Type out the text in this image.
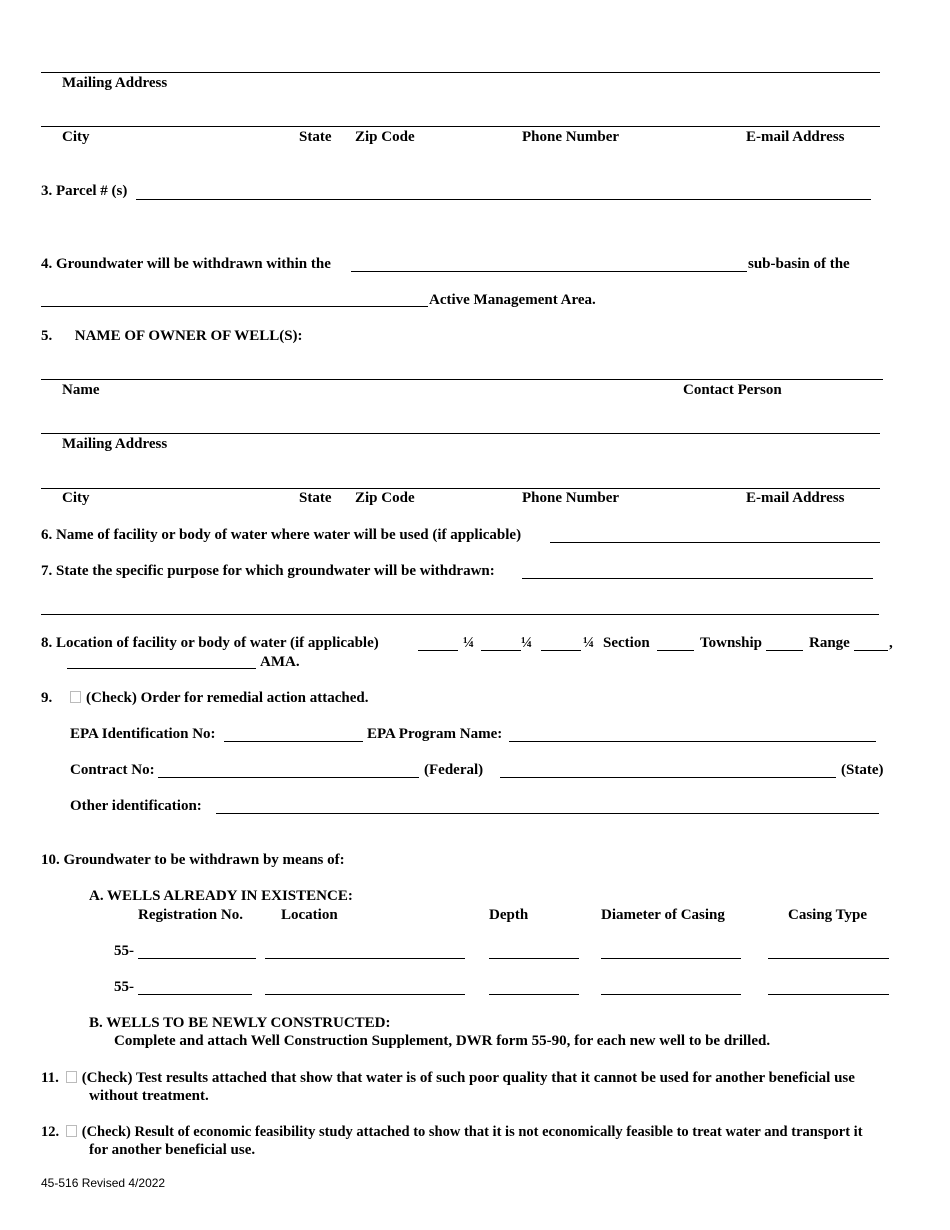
Mailing Address
City	State Zip Code	Phone Number	E-mail Address
3. Parcel # (s)
4. Groundwater will be withdrawn within the	sub-basin of the
Active Management Area.
5.      NAME OF OWNER OF WELL(S):
Name	Contact Person
Mailing Address
City	State Zip Code	Phone Number	E-mail Address
6. Name of facility or body of water where water will be used (if applicable)
7. State the specific purpose for which groundwater will be withdrawn:
8. Location of facility or body of water (if applicable)	¼	¼	¼ Section	Township	Range	,
AMA.
9.	(Check) Order for remedial action attached.
EPA Identification No:	EPA Program Name:
Contract No:	(Federal)	(State)
Other identification:
10. Groundwater to be withdrawn by means of:
A. WELLS ALREADY IN EXISTENCE:
Registration No.	Location	Depth	Diameter of Casing	Casing Type
55-
55-
B. WELLS TO BE NEWLY CONSTRUCTED:
Complete and attach Well Construction Supplement, DWR form 55-90, for each new well to be drilled.
11. (Check) Test results attached that show that water is of such poor quality that it cannot be used for another beneficial use
without treatment.
12. (Check) Result of economic feasibility study attached to show that it is not economically feasible to treat water and transport it
for another beneficial use.
45-516 Revised 4/2022
